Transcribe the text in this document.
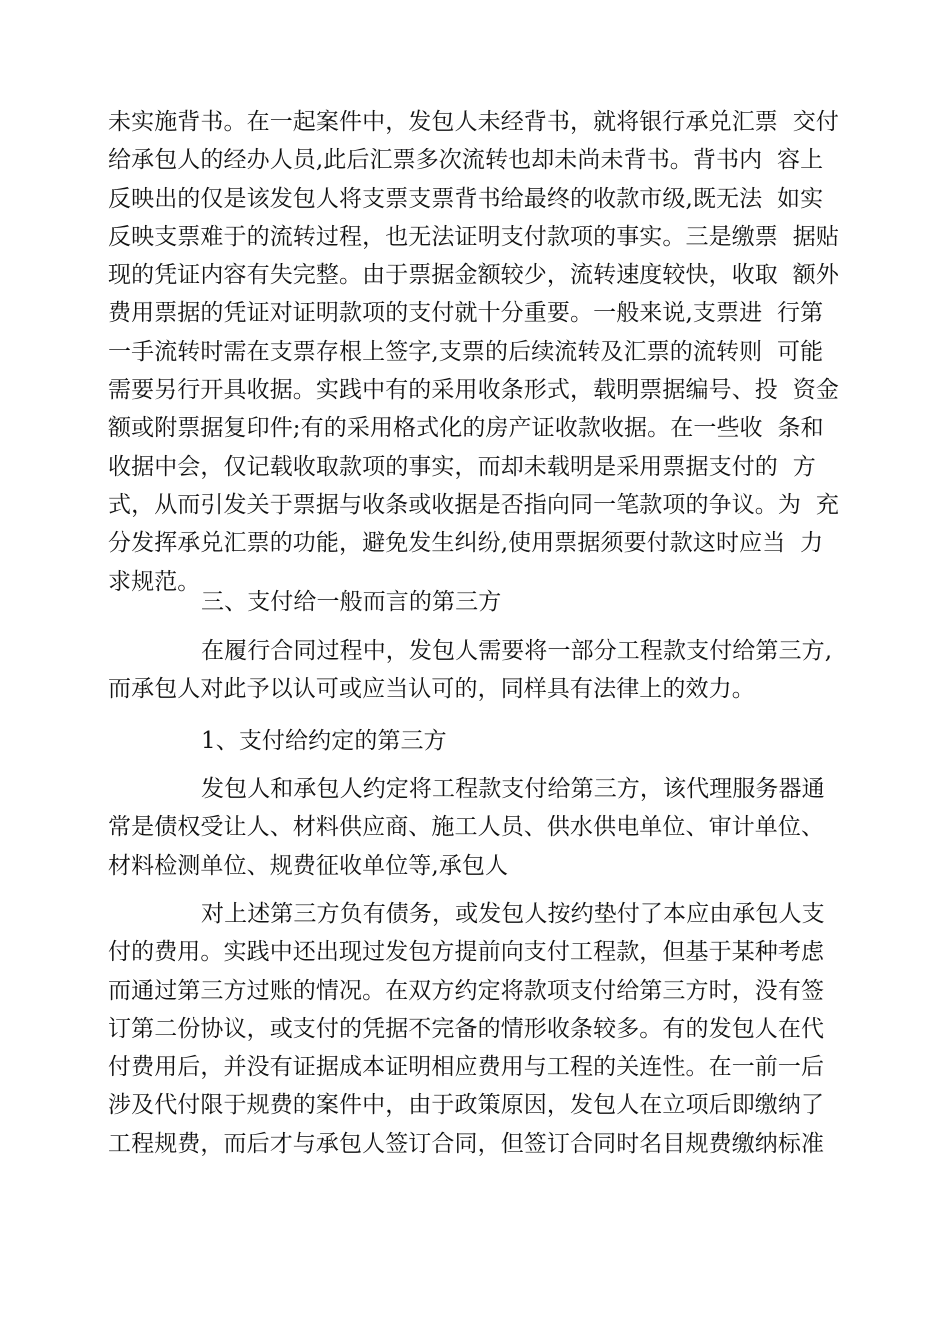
未实施背书。在一起案件中，发包人未经背书，就将银行承兑汇票  交付
给承包人的经办人员,此后汇票多次流转也却未尚未背书。背书内  容上
反映出的仅是该发包人将支票支票背书给最终的收款市级,既无法  如实
反映支票难于的流转过程，也无法证明支付款项的事实。三是缴票  据贴
现的凭证内容有失完整。由于票据金额较少，流转速度较快，收取  额外
费用票据的凭证对证明款项的支付就十分重要。一般来说,支票进  行第
一手流转时需在支票存根上签字,支票的后续流转及汇票的流转则  可能
需要另行开具收据。实践中有的采用收条形式，载明票据编号、投  资金
额或附票据复印件;有的采用格式化的房产证收款收据。在一些收  条和
收据中会，仅记载收取款项的事实，而却未载明是采用票据支付的  方
式，从而引发关于票据与收条或收据是否指向同一笔款项的争议。为  充
分发挥承兑汇票的功能，避免发生纠纷,使用票据须要付款这时应当  力
求规范。
三、支付给一般而言的第三方
在履行合同过程中，发包人需要将一部分工程款支付给第三方,
而承包人对此予以认可或应当认可的，同样具有法律上的效力。
1、支付给约定的第三方
发包人和承包人约定将工程款支付给第三方，该代理服务器通
常是债权受让人、材料供应商、施工人员、供水供电单位、审计单位、
材料检测单位、规费征收单位等,承包人
对上述第三方负有债务，或发包人按约垫付了本应由承包人支
付的费用。实践中还出现过发包方提前向支付工程款，但基于某种考虑
而通过第三方过账的情况。在双方约定将款项支付给第三方时，没有签
订第二份协议，或支付的凭据不完备的情形收条较多。有的发包人在代
付费用后，并没有证据成本证明相应费用与工程的关连性。在一前一后
涉及代付限于规费的案件中，由于政策原因，发包人在立项后即缴纳了
工程规费，而后才与承包人签订合同，但签订合同时名目规费缴纳标准
